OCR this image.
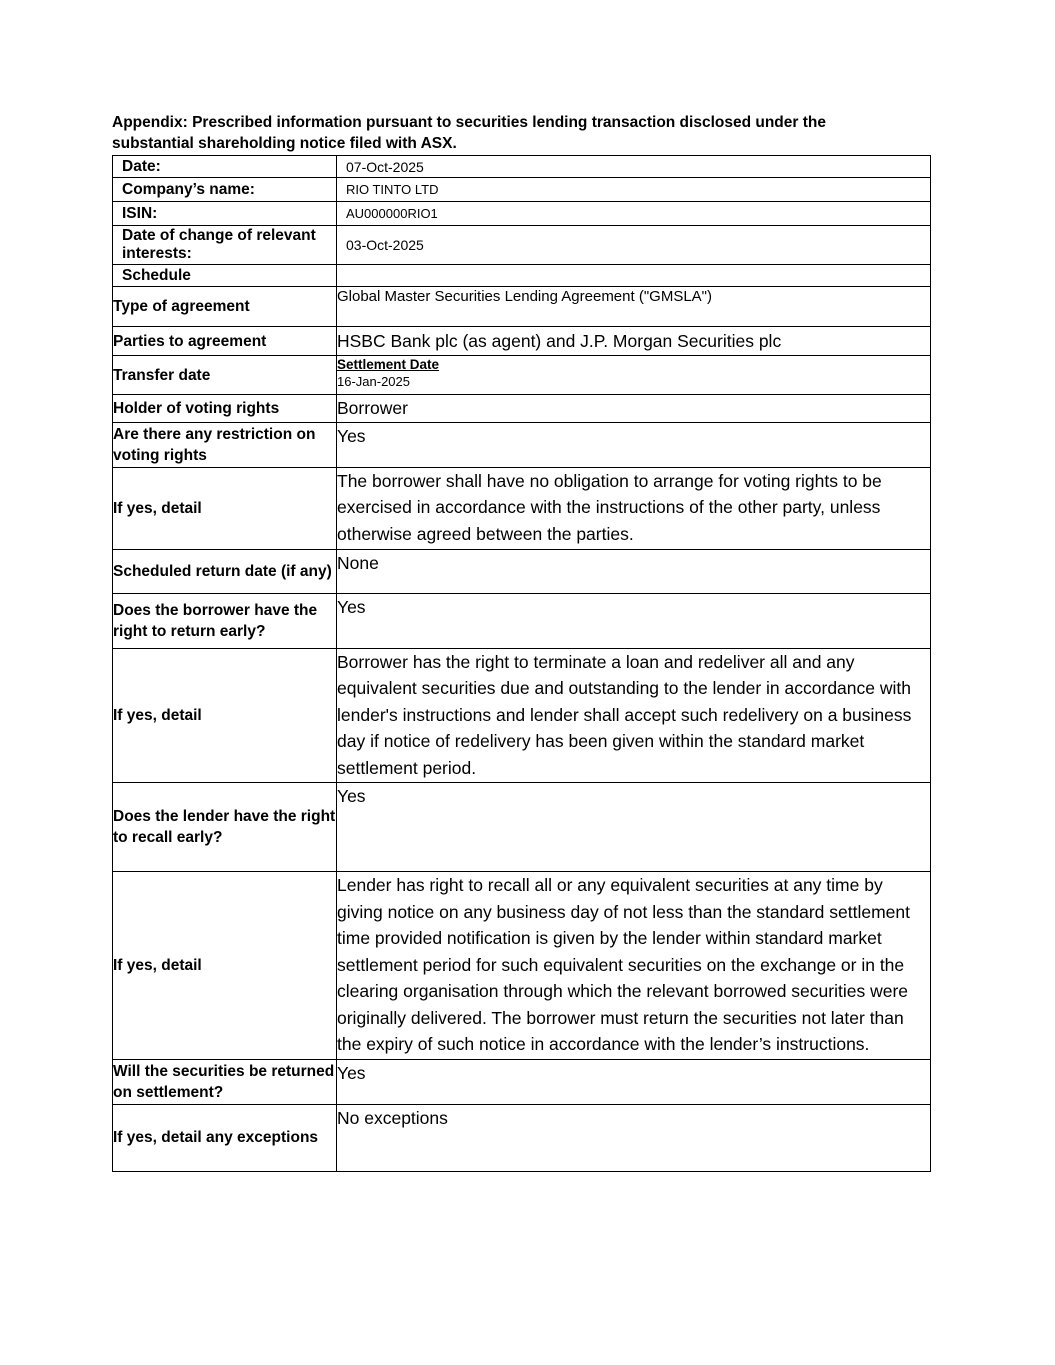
Appendix: Prescribed information pursuant to securities lending transaction disclosed under the substantial shareholding notice filed with ASX.
Date:	07-Oct-2025
Company’s name:	RIO TINTO LTD
ISIN:	AU000000RIO1
Date of change of relevant interests:	03-Oct-2025
Schedule	
Type of agreement	Global Master Securities Lending Agreement ("GMSLA")
Parties to agreement	HSBC Bank plc (as agent) and J.P. Morgan Securities plc
Transfer date	Settlement Date
16-Jan-2025

Holder of voting rights	Borrower
Are there any restriction on voting rights	Yes
If yes, detail	The borrower shall have no obligation to arrange for voting rights to be exercised in accordance with the instructions of the other party, unless otherwise agreed between the parties.
Scheduled return date (if any)	None
Does the borrower have the right to return early?	Yes
If yes, detail	Borrower has the right to terminate a loan and redeliver all and any equivalent securities due and outstanding to the lender in accordance with lender's instructions and lender shall accept such redelivery on a business day if notice of redelivery has been given within the standard market settlement period.
Does the lender have the right to recall early?	Yes
If yes, detail	Lender has right to recall all or any equivalent securities at any time by giving notice on any business day of not less than the standard settlement time provided notification is given by the lender within standard market settlement period for such equivalent securities on the exchange or in the clearing organisation through which the relevant borrowed securities were originally delivered. The borrower must return the securities not later than the expiry of such notice in accordance with the lender’s instructions.
Will the securities be returned on settlement?	Yes
If yes, detail any exceptions	No exceptions
